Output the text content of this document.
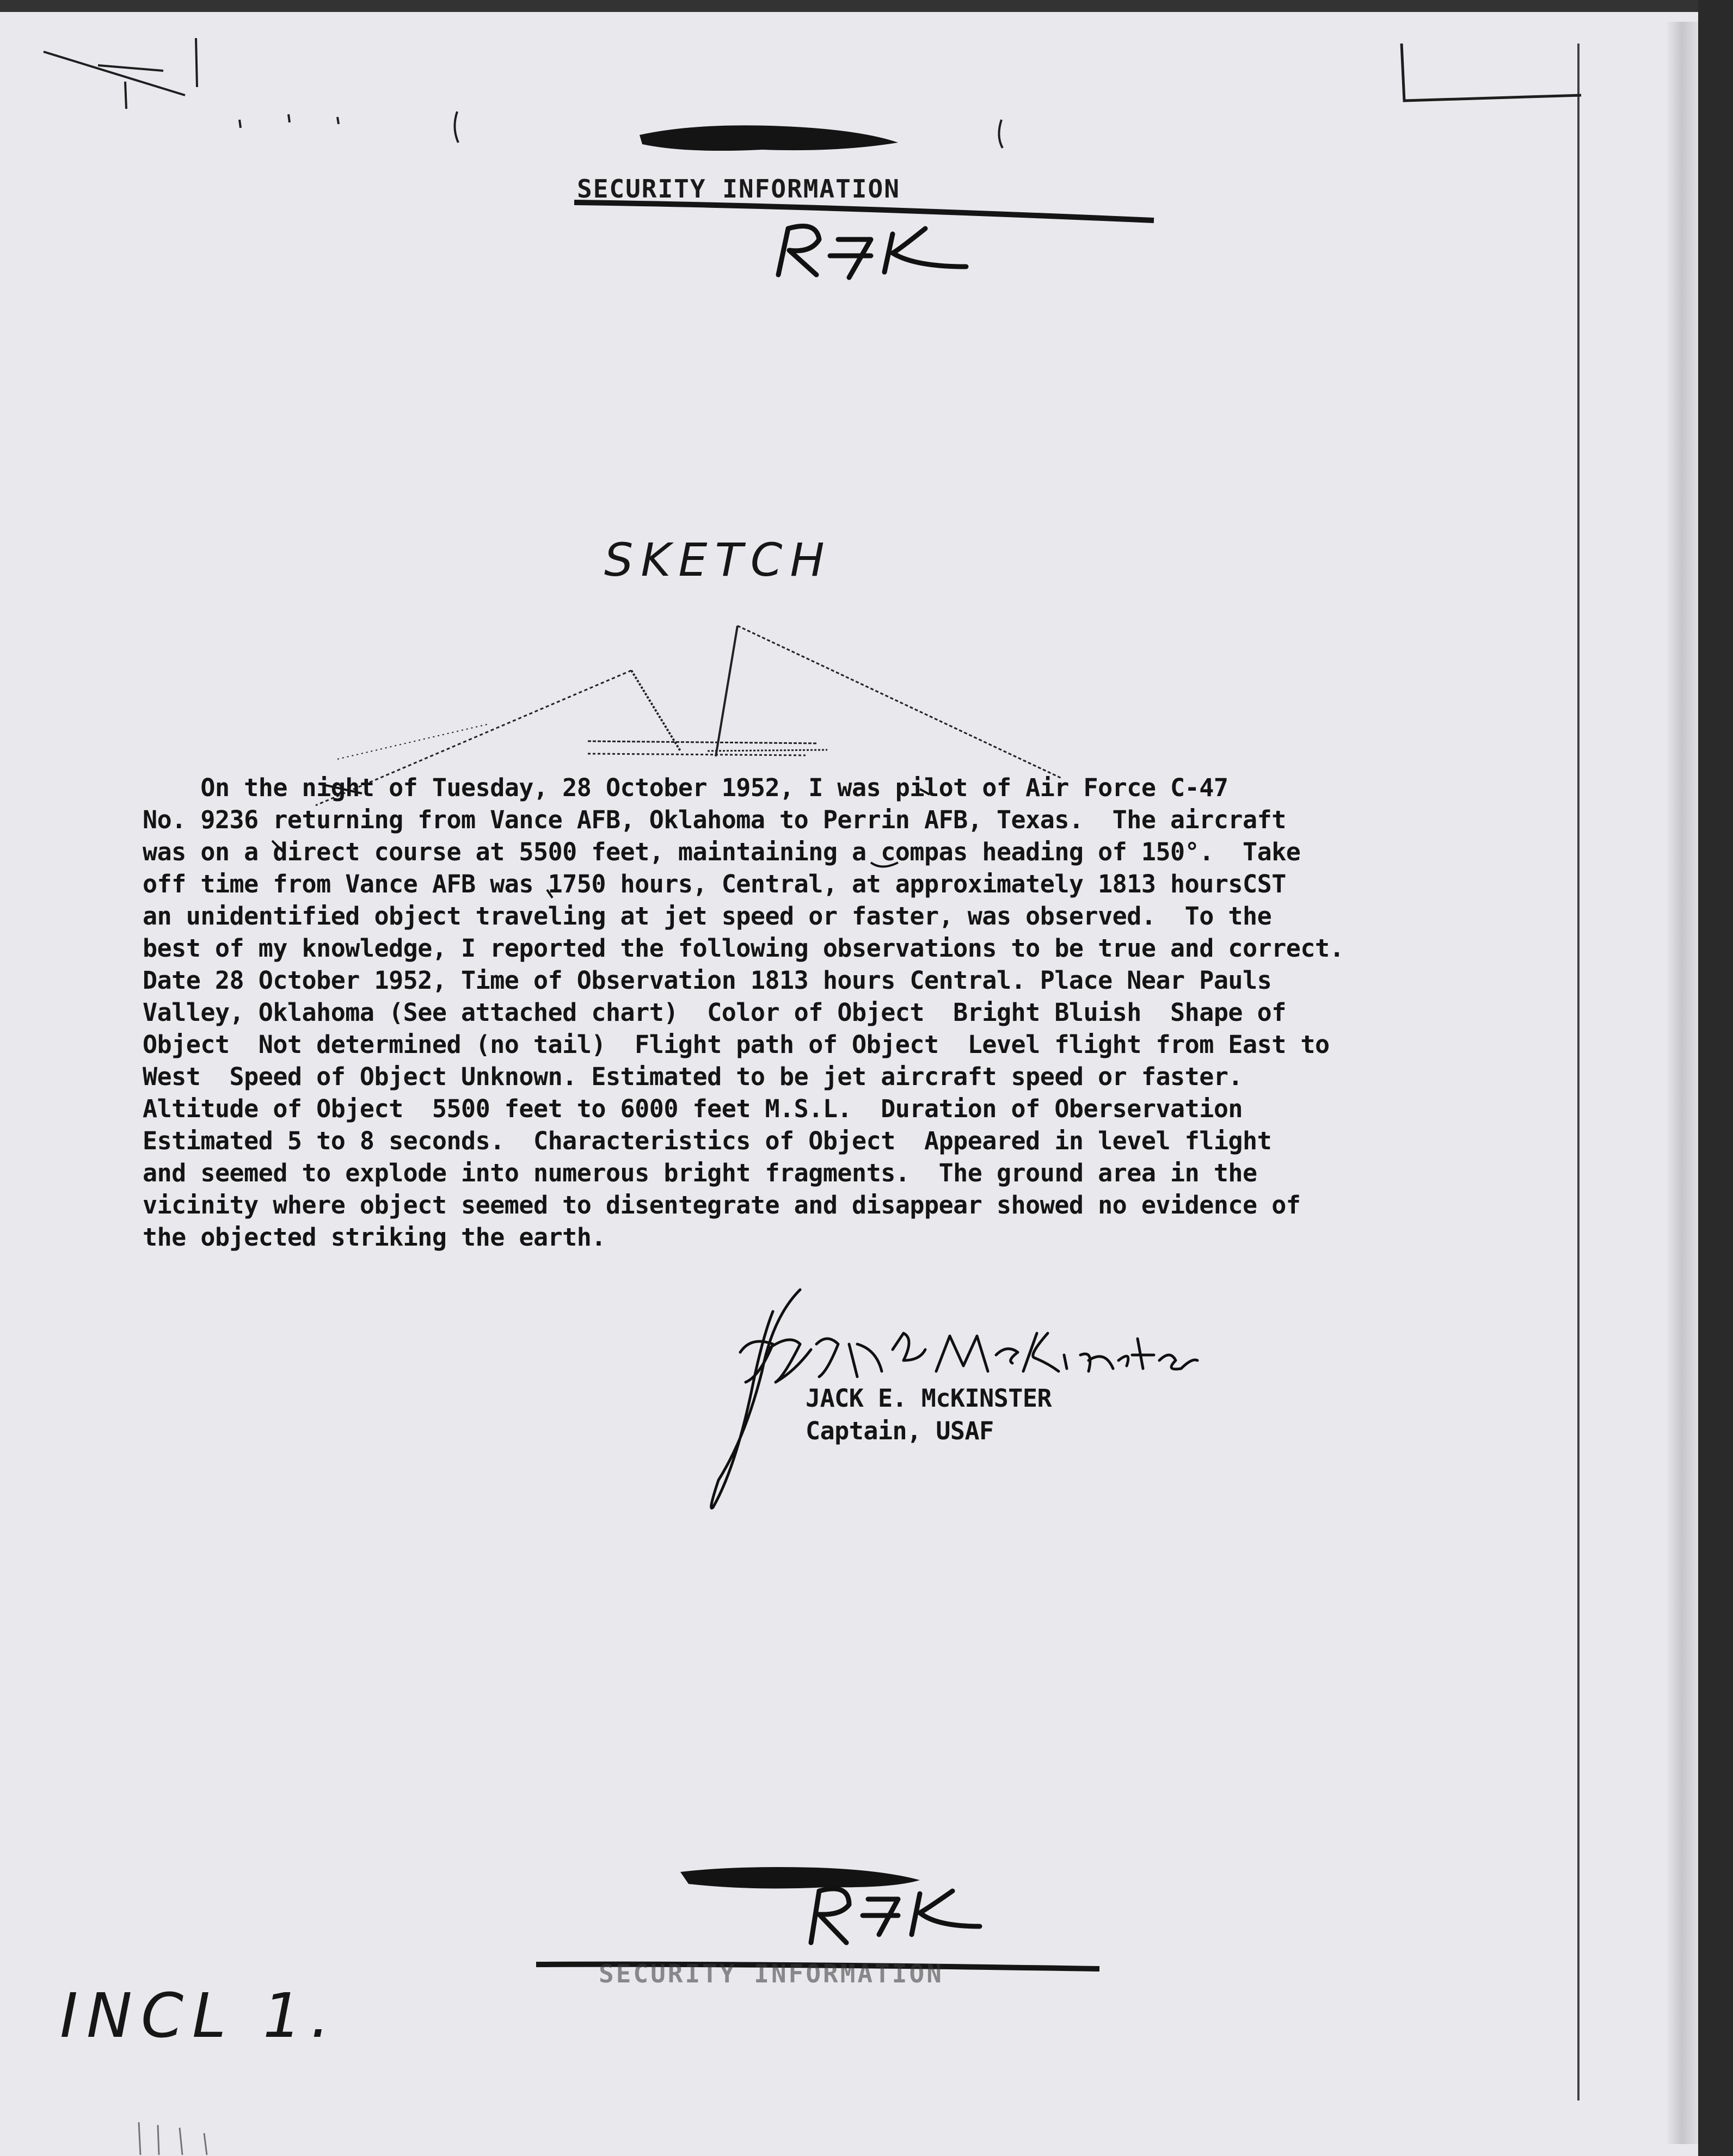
SECURITY INFORMATION
SKETCH
On the night of Tuesday, 28 October 1952, I was pilot of Air Force C-47
No. 9236 returning from Vance AFB, Oklahoma to Perrin AFB, Texas.  The aircraft
was on a direct course at 5500 feet, maintaining a compas heading of 150°.  Take
off time from Vance AFB was 1750 hours, Central, at approximately 1813 hoursCST
an unidentified object traveling at jet speed or faster, was observed.  To the
best of my knowledge, I reported the following observations to be true and correct.
Date 28 October 1952, Time of Observation 1813 hours Central. Place Near Pauls
Valley, Oklahoma (See attached chart)  Color of Object  Bright Bluish  Shape of
Object  Not determined (no tail)  Flight path of Object  Level flight from East to
West  Speed of Object Unknown. Estimated to be jet aircraft speed or faster.
Altitude of Object  5500 feet to 6000 feet M.S.L.  Duration of Oberservation
Estimated 5 to 8 seconds.  Characteristics of Object  Appeared in level flight
and seemed to explode into numerous bright fragments.  The ground area in the
vicinity where object seemed to disentegrate and disappear showed no evidence of
the objected striking the earth.
JACK E. McKINSTER
Captain, USAF
SECURITY INFORMATION
INCL 1.
